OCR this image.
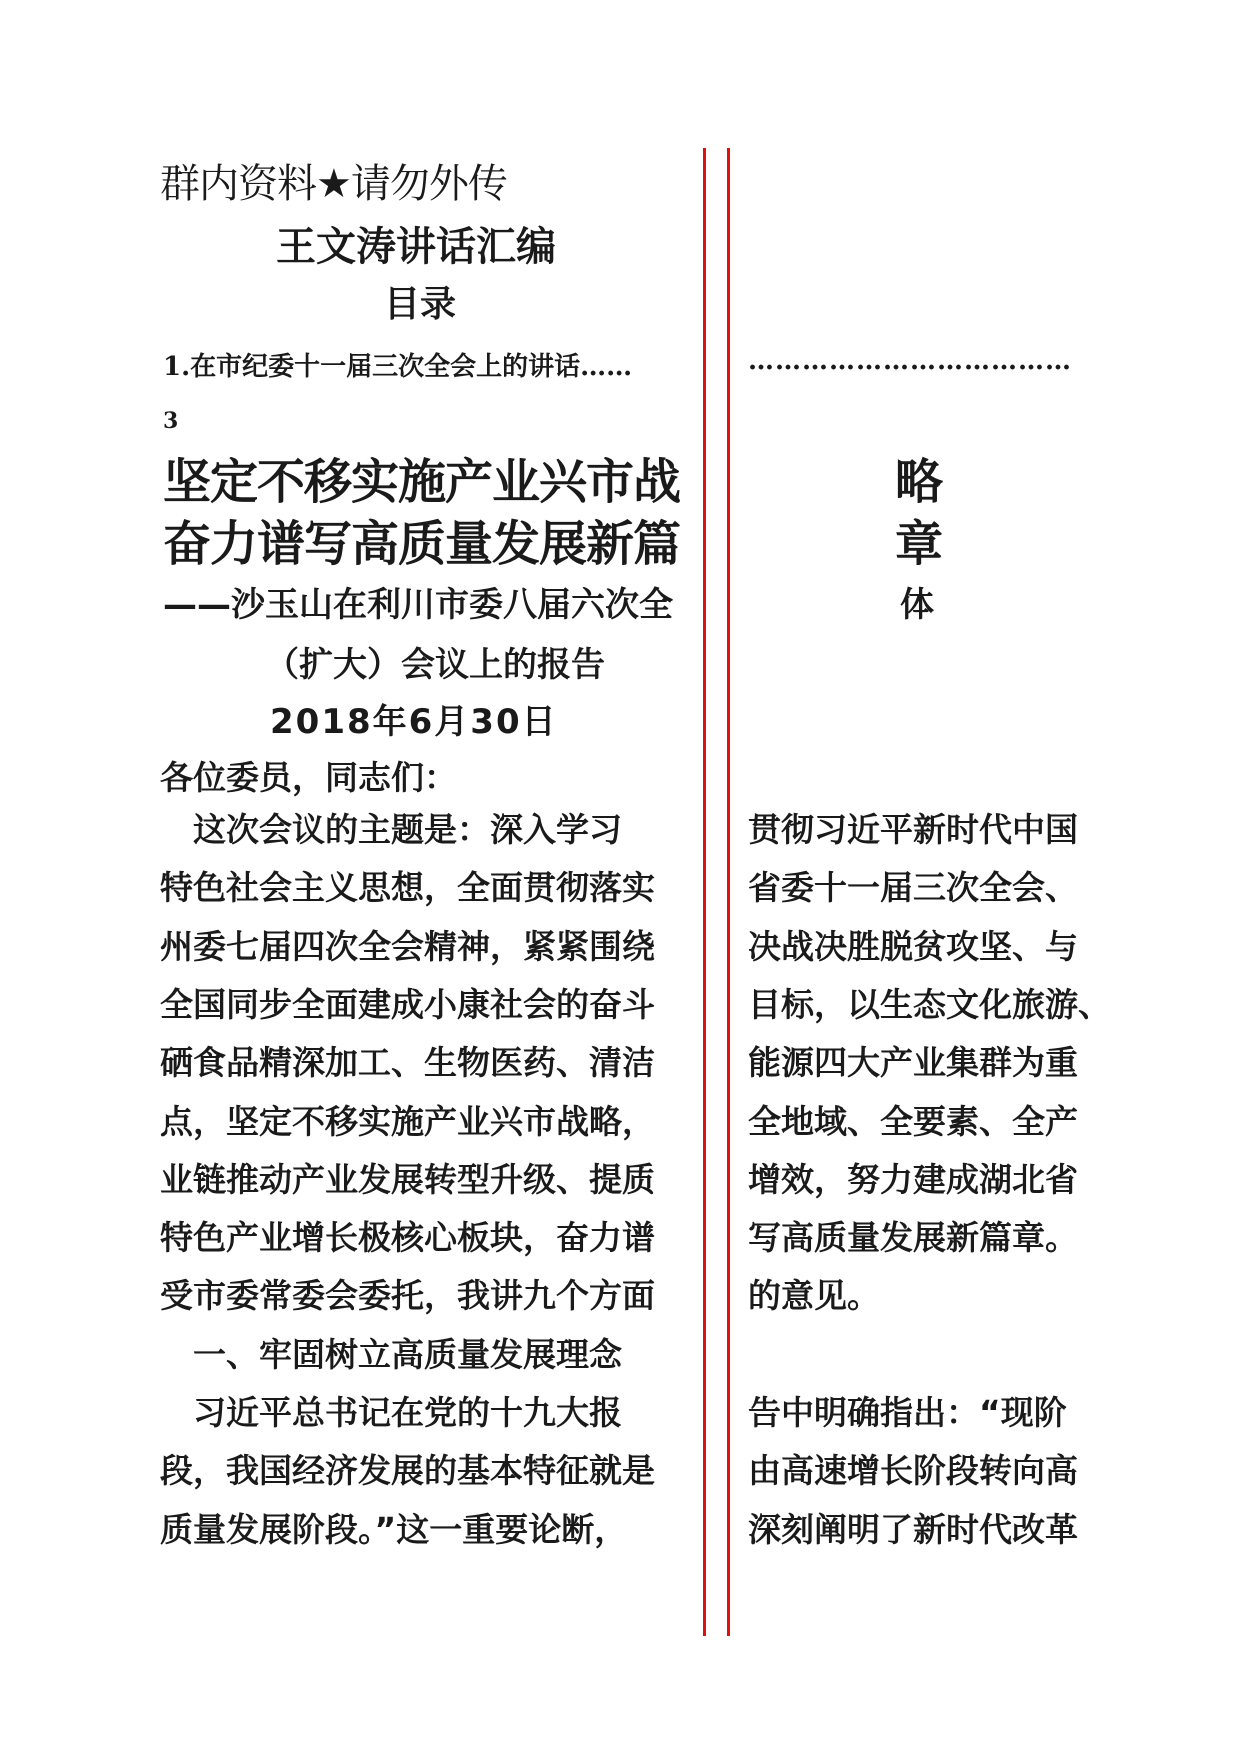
群内资料★请勿外传
王文涛讲话汇编
目录
1.在市纪委十一届三次全会上的讲话……	………………………………
3
坚定不移实施产业兴市战
奋力谱写高质量发展新篇
略
章
——沙玉山在利川市委八届六次全	体
（扩大）会议上的报告
2018年6月30日
各位委员，同志们：
　这次会议的主题是：深入学习
特色社会主义思想，全面贯彻落实
州委七届四次全会精神，紧紧围绕
全国同步全面建成小康社会的奋斗
硒食品精深加工、生物医药、清洁
点，坚定不移实施产业兴市战略，
业链推动产业发展转型升级、提质
特色产业增长极核心板块，奋力谱
受市委常委会委托，我讲九个方面
　一、牢固树立高质量发展理念
　习近平总书记在党的十九大报
段，我国经济发展的基本特征就是
质量发展阶段。”这一重要论断，
贯彻习近平新时代中国
省委十一届三次全会、
决战决胜脱贫攻坚、与
目标，以生态文化旅游、
能源四大产业集群为重
全地域、全要素、全产
增效，努力建成湖北省
写高质量发展新篇章。
的意见。
告中明确指出：“现阶
由高速增长阶段转向高
深刻阐明了新时代改革
